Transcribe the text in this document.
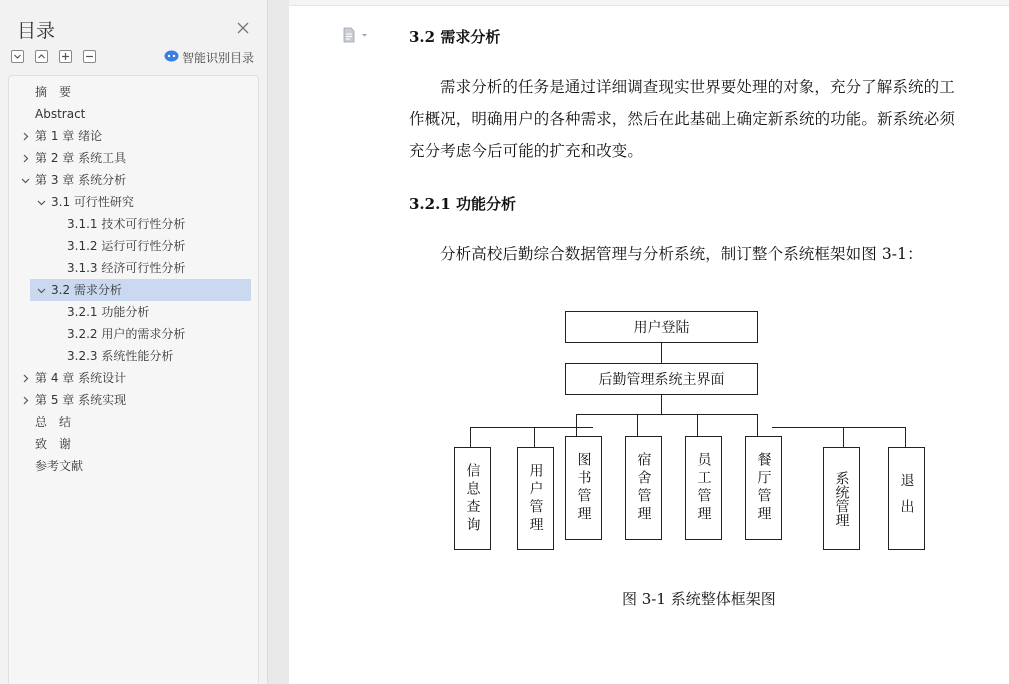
目录
智能识别目录
摘　要
Abstract
第 1 章 绪论
第 2 章 系统工具
第 3 章 系统分析
3.1 可行性研究
3.1.1 技术可行性分析
3.1.2 运行可行性分析
3.1.3 经济可行性分析
3.2 需求分析
3.2.1 功能分析
3.2.2 用户的需求分析
3.2.3 系统性能分析
第 4 章 系统设计
第 5 章 系统实现
总　结
致　谢
参考文献
3.2 需求分析
需求分析的任务是通过详细调查现实世界要处理的对象，充分了解系统的工
作概况，明确用户的各种需求，然后在此基础上确定新系统的功能。新系统必须
充分考虑今后可能的扩充和改变。
3.2.1 功能分析
分析高校后勤综合数据管理与分析系统，制订整个系统框架如图 3-1：
用户登陆
后勤管理系统主界面
信息查询	用户管理	图书管理	宿舍管理	员工管理	餐厅管理	系统管理	退出
图 3-1 系统整体框架图
